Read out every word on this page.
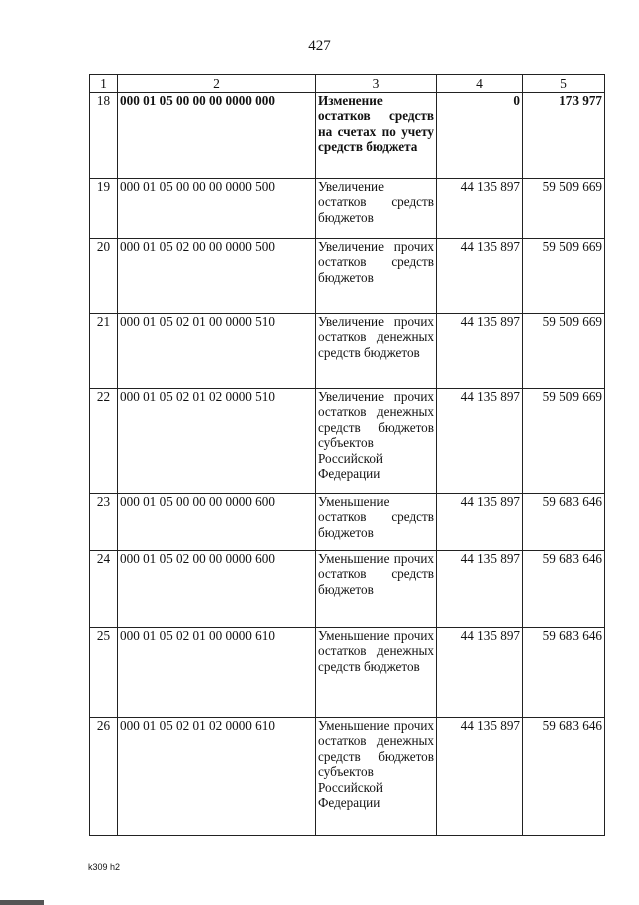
427
1	2	3	4	5
18	000 01 05 00 00 00 0000 000	Изменение остатков средств на счетах по учету средств бюджета	0	173 977
19	000 01 05 00 00 00 0000 500	Увеличение остатков средств бюджетов	44 135 897	59 509 669
20	000 01 05 02 00 00 0000 500	Увеличение прочих остатков средств бюджетов	44 135 897	59 509 669
21	000 01 05 02 01 00 0000 510	Увеличение прочих остатков денежных средств бюджетов	44 135 897	59 509 669
22	000 01 05 02 01 02 0000 510	Увеличение прочих остатков денежных средств бюджетов субъектов Российской Федерации	44 135 897	59 509 669
23	000 01 05 00 00 00 0000 600	Уменьшение остатков средств бюджетов	44 135 897	59 683 646
24	000 01 05 02 00 00 0000 600	Уменьшение прочих остатков средств бюджетов	44 135 897	59 683 646
25	000 01 05 02 01 00 0000 610	Уменьшение прочих остатков денежных средств бюджетов	44 135 897	59 683 646
26	000 01 05 02 01 02 0000 610	Уменьшение прочих остатков денежных средств бюджетов субъектов Российской Федерации	44 135 897	59 683 646
k309 h2
